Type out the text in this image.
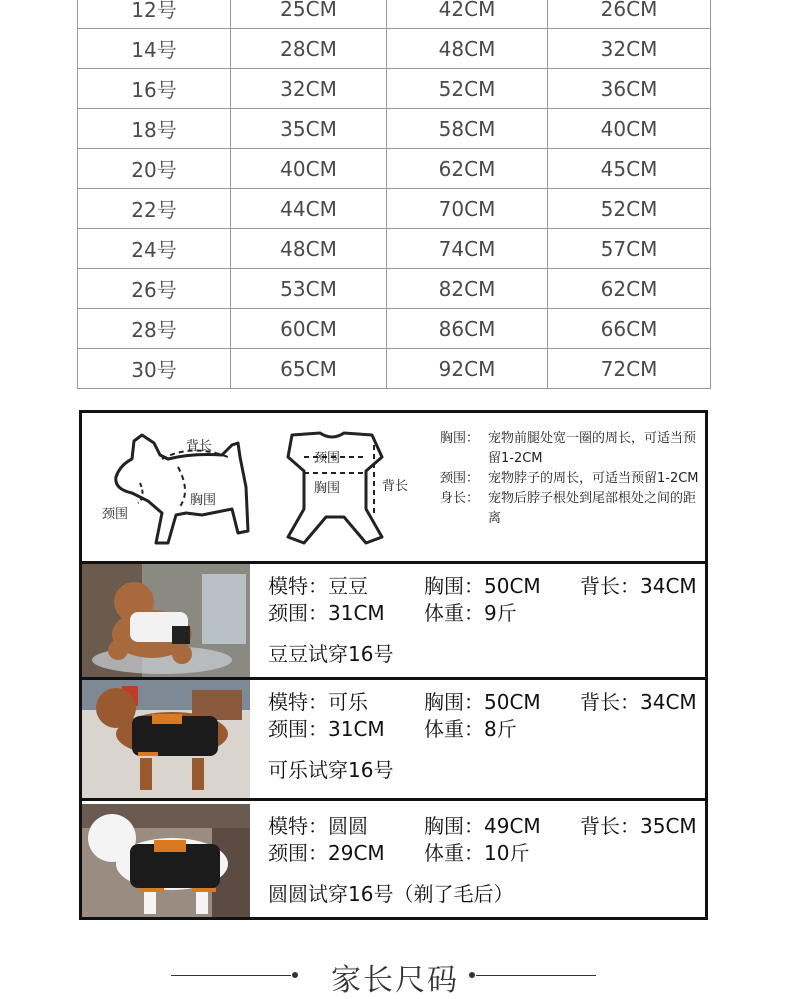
12号	25CM	42CM	26CM
14号	28CM	48CM	32CM
16号	32CM	52CM	36CM
18号	35CM	58CM	40CM
20号	40CM	62CM	45CM
22号	44CM	70CM	52CM
24号	48CM	74CM	57CM
26号	53CM	82CM	62CM
28号	60CM	86CM	66CM
30号	65CM	92CM	72CM
背长
胸围
颈围
颈围
胸围	背长
胸围： 宠物前腿处宽一圈的周长，可适当预留1-2CM
颈围： 宠物脖子的周长，可适当预留1-2CM
身长： 宠物后脖子根处到尾部根处之间的距离
模特：豆豆	胸围：50CM 背长：34CM
颈围：31CM 体重：9斤
豆豆试穿16号
模特：可乐	胸围：50CM 背长：34CM
颈围：31CM 体重：8斤
可乐试穿16号
模特：圆圆	胸围：49CM 背长：35CM
颈围：29CM 体重：10斤
圆圆试穿16号（剃了毛后）
家长尺码
